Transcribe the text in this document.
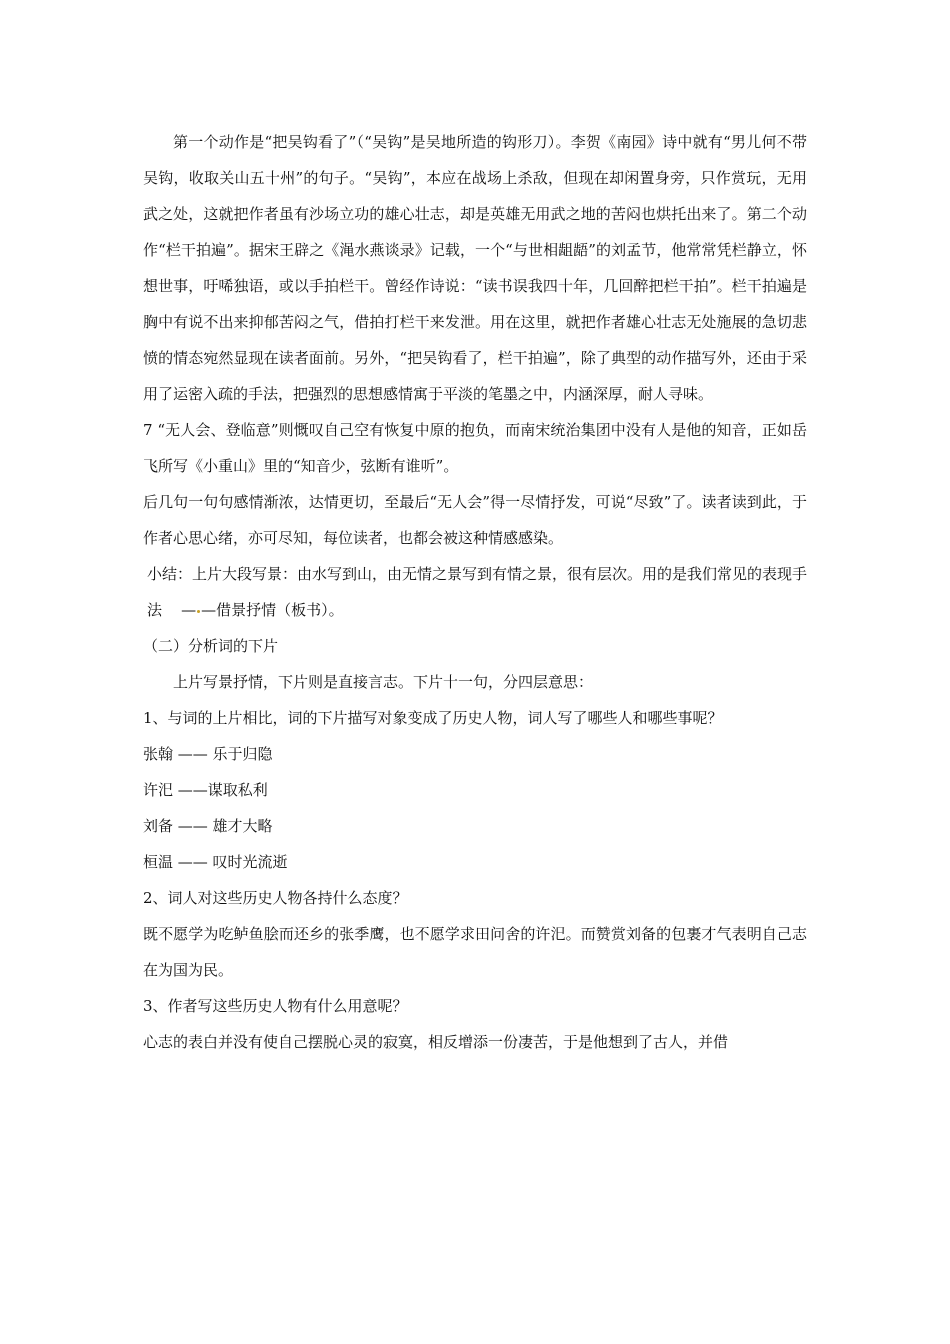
第一个动作是“把吴钩看了”（“吴钩”是吴地所造的钩形刀）。李贺《南园》诗中就有“男儿何不带吴钩，收取关山五十州”的句子。“吴钩”，本应在战场上杀敌，但现在却闲置身旁，只作赏玩，无用武之处，这就把作者虽有沙场立功的雄心壮志，却是英雄无用武之地的苦闷也烘托出来了。第二个动作“栏干拍遍”。据宋王辟之《渑水燕谈录》记载，一个“与世相龃龉”的刘孟节，他常常凭栏静立，怀想世事，吁唏独语，或以手拍栏干。曾经作诗说：“读书误我四十年，几回醉把栏干拍”。栏干拍遍是胸中有说不出来抑郁苦闷之气，借拍打栏干来发泄。用在这里，就把作者雄心壮志无处施展的急切悲愤的情态宛然显现在读者面前。另外，“把吴钩看了，栏干拍遍”，除了典型的动作描写外，还由于采用了运密入疏的手法，把强烈的思想感情寓于平淡的笔墨之中，内涵深厚，耐人寻味。

7 “无人会、登临意”则慨叹自己空有恢复中原的抱负，而南宋统治集团中没有人是他的知音，正如岳飞所写《小重山》里的“知音少，弦断有谁听”。

后几句一句句感情渐浓，达情更切，至最后“无人会”得一尽情抒发，可说“尽致”了。读者读到此，于作者心思心绪，亦可尽知，每位读者，也都会被这种情感感染。

小结：上片大段写景：由水写到山，由无情之景写到有情之景，很有层次。用的是我们常见的表现手法    — —借景抒情（板书）。

（二）分析词的下片

上片写景抒情，下片则是直接言志。下片十一句，分四层意思：

1、与词的上片相比，词的下片描写对象变成了历史人物，词人写了哪些人和哪些事呢？

张翰 —— 乐于归隐

许汜 ——谋取私利

刘备 —— 雄才大略

桓温 —— 叹时光流逝

2、词人对这些历史人物各持什么态度？

既不愿学为吃鲈鱼脍而还乡的张季鹰，也不愿学求田问舍的许汜。而赞赏刘备的包裹才气表明自己志在为国为民。

3、作者写这些历史人物有什么用意呢？

心志的表白并没有使自己摆脱心灵的寂寞，相反增添一份凄苦，于是他想到了古人，并借
